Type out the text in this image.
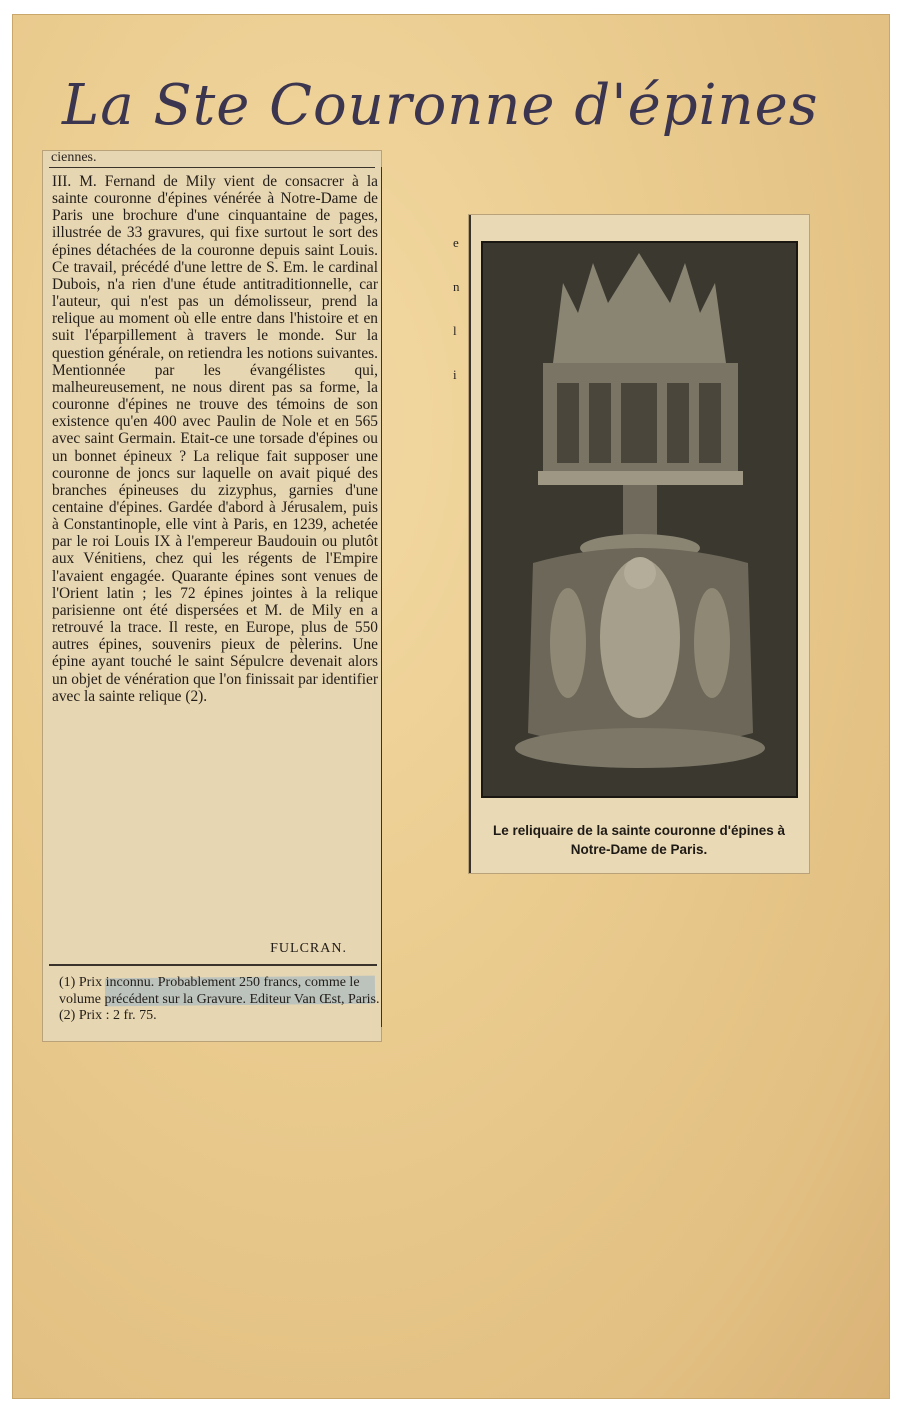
La Ste Couronne d'épines
ciennes.
III. M. Fernand de Mily vient de consacrer à la sainte couronne d'épines vénérée à Notre-Dame de Paris une brochure d'une cinquantaine de pages, illustrée de 33 gravures, qui fixe surtout le sort des épines détachées de la couronne depuis saint Louis. Ce travail, précédé d'une lettre de S. Em. le cardinal Dubois, n'a rien d'une étude antitraditionnelle, car l'auteur, qui n'est pas un démolisseur, prend la relique au moment où elle entre dans l'histoire et en suit l'éparpillement à travers le monde. Sur la question générale, on retiendra les notions suivantes. Mentionnée par les évangélistes qui, malheureusement, ne nous dirent pas sa forme, la couronne d'épines ne trouve des témoins de son existence qu'en 400 avec Paulin de Nole et en 565 avec saint Germain. Etait-ce une torsade d'épines ou un bonnet épineux ? La relique fait supposer une couronne de joncs sur laquelle on avait piqué des branches épineuses du zizyphus, garnies d'une centaine d'épines. Gardée d'abord à Jérusalem, puis à Constantinople, elle vint à Paris, en 1239, achetée par le roi Louis IX à l'empereur Baudouin ou plutôt aux Vénitiens, chez qui les régents de l'Empire l'avaient engagée. Quarante épines sont venues de l'Orient latin ; les 72 épines jointes à la relique parisienne ont été dispersées et M. de Mily en a retrouvé la trace. Il reste, en Europe, plus de 550 autres épines, souvenirs pieux de pèlerins. Une épine ayant touché le saint Sépulcre devenait alors un objet de vénération que l'on finissait par identifier avec la sainte relique (2).
FULCRAN.
(1) Prix inconnu. Probablement 250 francs, comme le volume précédent sur la Gravure. Editeur Van Œst, Paris.
(2) Prix : 2 fr. 75.
e
n
l
i
Le reliquaire de la sainte couronne d'épines à Notre-Dame de Paris.
